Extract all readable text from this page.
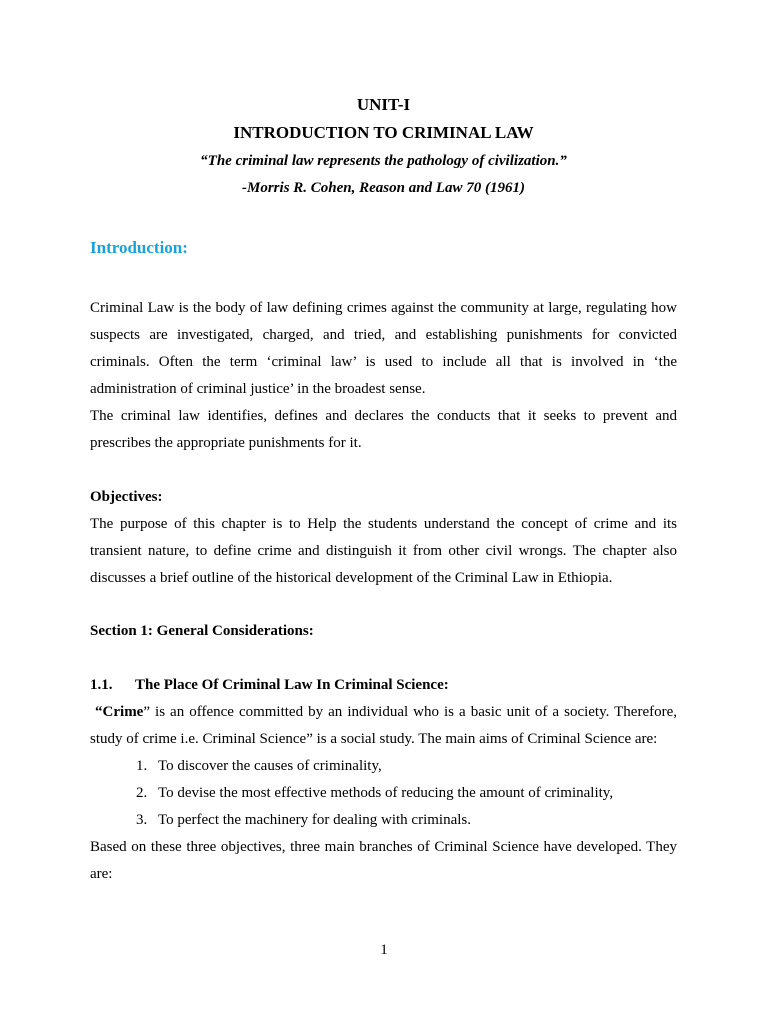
UNIT-I

INTRODUCTION TO CRIMINAL LAW

“The criminal law represents the pathology of civilization.”

-Morris R. Cohen, Reason and Law 70 (1961)

Introduction:

Criminal Law is the body of law defining crimes against the community at large, regulating how suspects are investigated, charged, and tried, and establishing punishments for convicted criminals. Often the term ‘criminal law’ is used to include all that is involved in ‘the administration of criminal justice’ in the broadest sense.

The criminal law identifies, defines and declares the conducts that it seeks to prevent and prescribes the appropriate punishments for it.

Objectives:

The purpose of this chapter is to Help the students understand the concept of crime and its transient nature, to define crime and distinguish it from other civil wrongs. The chapter also discusses a brief outline of the historical development of the Criminal Law in Ethiopia.

Section 1: General Considerations:

1.1. The Place Of Criminal Law In Criminal Science:

“Crime” is an offence committed by an individual who is a basic unit of a society. Therefore, study of crime i.e. Criminal Science” is a social study. The main aims of Criminal Science are:

1. To discover the causes of criminality,
2. To devise the most effective methods of reducing the amount of criminality,
3. To perfect the machinery for dealing with criminals.

Based on these three objectives, three main branches of Criminal Science have developed. They are:

1
